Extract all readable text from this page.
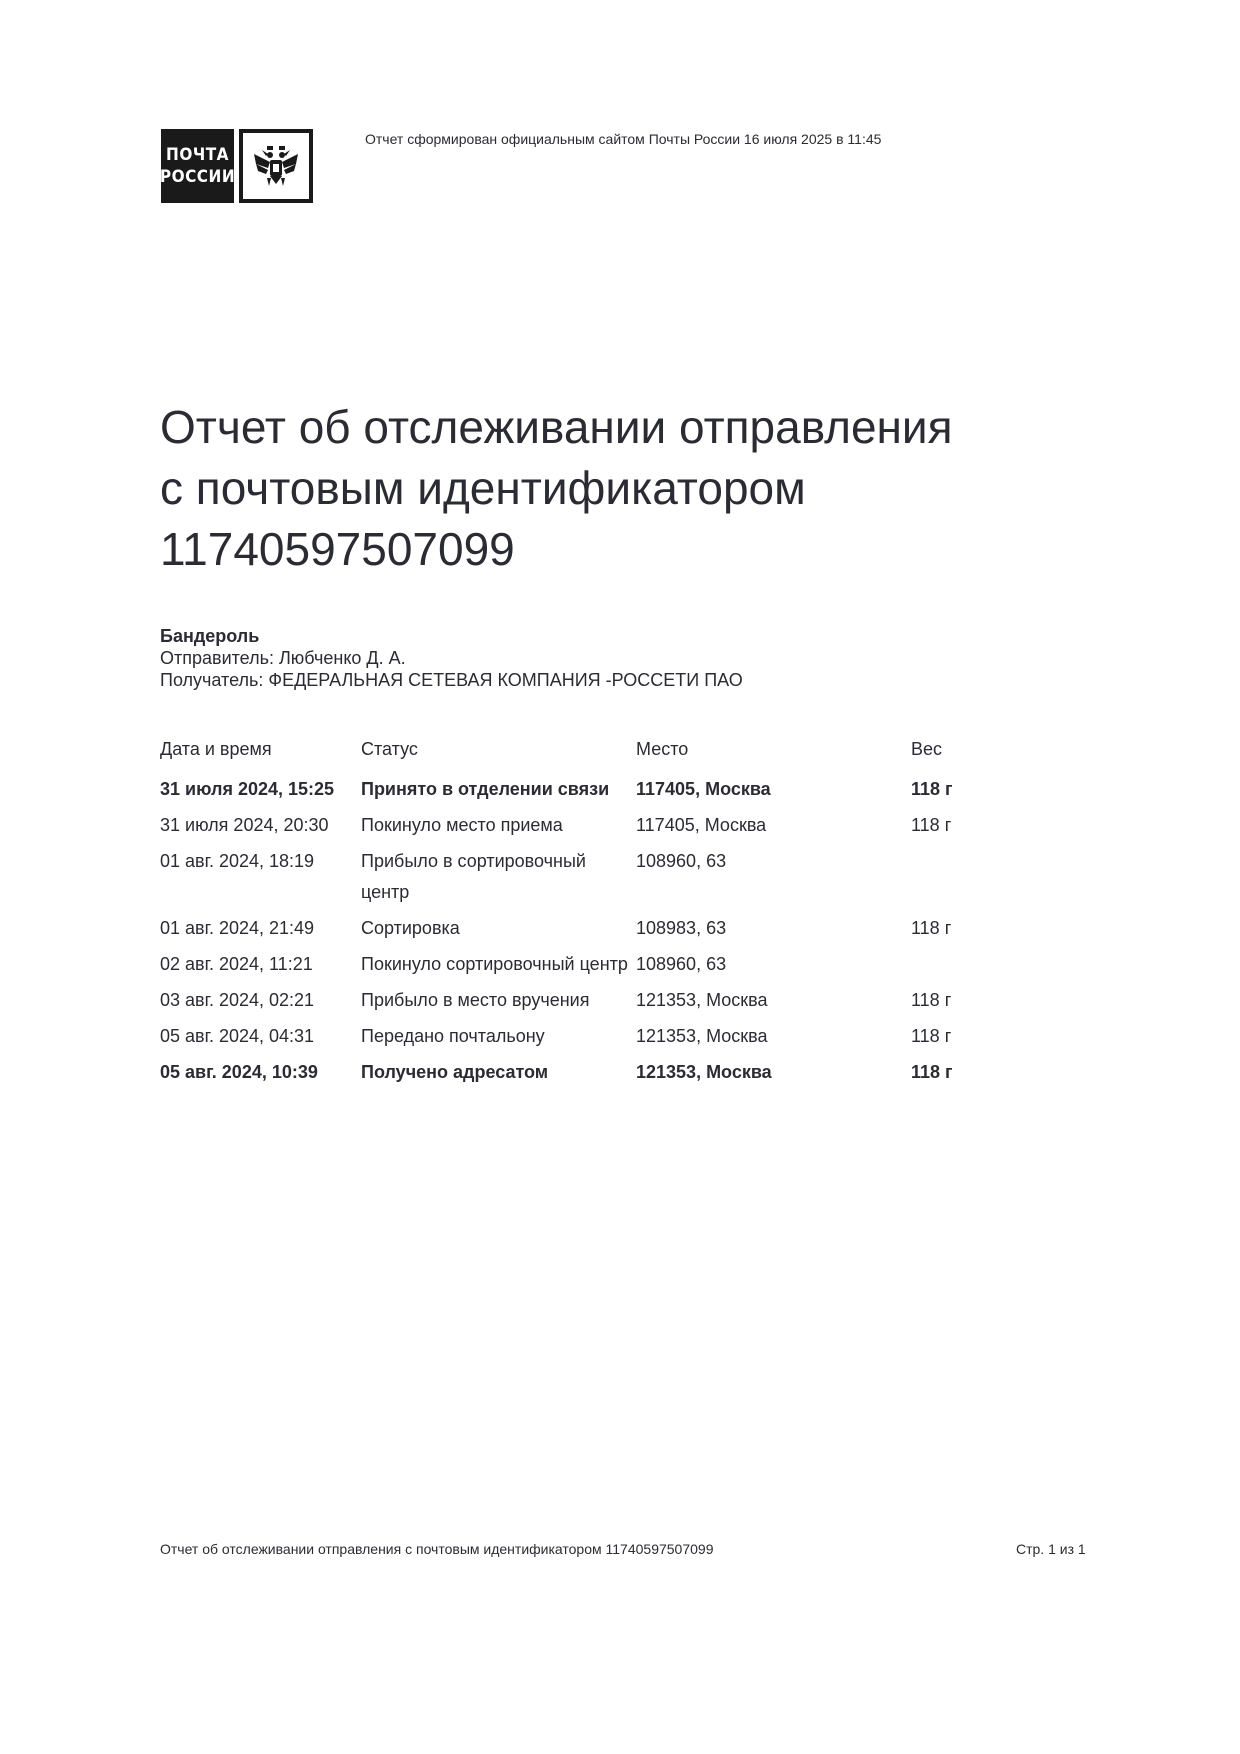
ПОЧТА
РОССИИ
Отчет сформирован официальным сайтом Почты России 16 июля 2025 в 11:45
Отчет об отслеживании отправления
с почтовым идентификатором
11740597507099
Бандероль
Отправитель: Любченко Д. А.
Получатель: ФЕДЕРАЛЬНАЯ СЕТЕВАЯ КОМПАНИЯ -РОССЕТИ ПАО
Дата и время	Статус	Место	Вес
31 июля 2024, 15:25	Принято в отделении связи	117405, Москва	118 г
31 июля 2024, 20:30	Покинуло место приема	117405, Москва	118 г
01 авг. 2024, 18:19	Прибыло в сортировочный центр	108960, 63	
01 авг. 2024, 21:49	Сортировка	108983, 63	118 г
02 авг. 2024, 11:21	Покинуло сортировочный центр	108960, 63	
03 авг. 2024, 02:21	Прибыло в место вручения	121353, Москва	118 г
05 авг. 2024, 04:31	Передано почтальону	121353, Москва	118 г
05 авг. 2024, 10:39	Получено адресатом	121353, Москва	118 г
Отчет об отслеживании отправления с почтовым идентификатором 11740597507099	Стр. 1 из 1
